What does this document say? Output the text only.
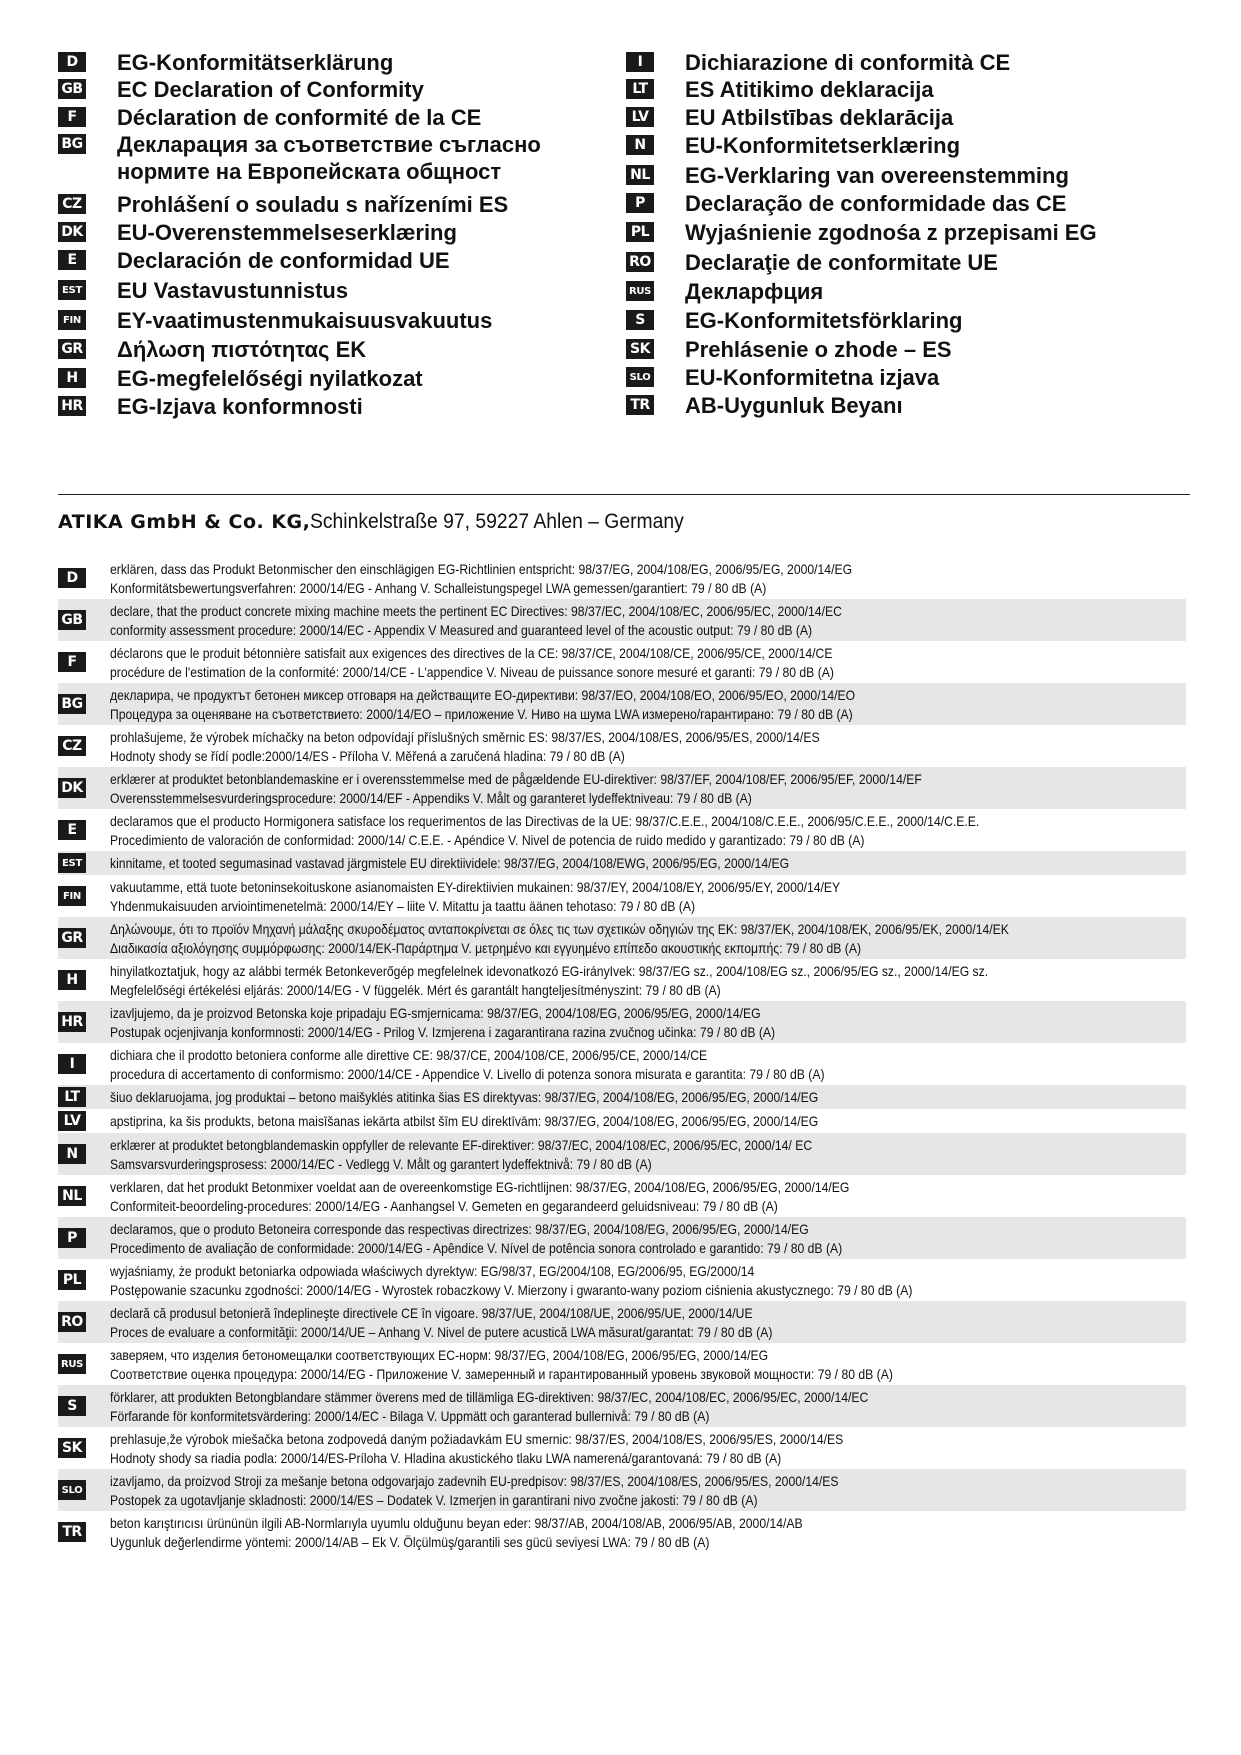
D	EG-Konformitätserklärung
GB EC Declaration of Conformity
F	Déclaration de conformité de la CE
BG Декларация за съответствие съгласно нормите на Европейската общност
CZ Prohlášení o souladu s nařízeními ES
DK EU-Overenstemmelseserklæring
E	Declaración de conformidad UE
EST EU Vastavustunnistus
FIN EY-vaatimustenmukaisuusvakuutus
GR Δήλωση πιστότητας ΕΚ
H	EG-megfelelőségi nyilatkozat
HR EG-Izjava konformnosti
I	Dichiarazione di conformità CE
LT ES Atitikimo deklaracija
LV EU Atbilstības deklarācija
N	EU-Konformitetserklæring
NL EG-Verklaring van overeenstemming
P	Declaração de conformidade das CE
PL Wyjaśnienie zgodnośa z przepisami EG
RO Declaraţie de conformitate UE
RUS Деклaрфция
S	EG-Konformitetsförklaring
SK Prehlásenie o zhode – ES
SLO EU-Konformitetna izjava
TR AB-Uygunluk Beyanı
ATIKA GmbH & Co. KG,Schinkelstraße 97, 59227 Ahlen – Germany
D
erklären, dass das Produkt Betonmischer den einschlägigen EG-Richtlinien entspricht: 98/37/EG, 2004/108/EG, 2006/95/EG, 2000/14/EG
Konformitätsbewertungsverfahren: 2000/14/EG - Anhang V. Schalleistungspegel LWA gemessen/garantiert: 79 / 80 dB (A)
GB
declare, that the product concrete mixing machine meets the pertinent EC Directives: 98/37/EC, 2004/108/EC, 2006/95/EC, 2000/14/EC
conformity assessment procedure: 2000/14/EC - Appendix V Measured and guaranteed level of the acoustic output: 79 / 80 dB (A)
F
déclarons que le produit bétonnière satisfait aux exigences des directives de la CE: 98/37/CE, 2004/108/CE, 2006/95/CE, 2000/14/CE
procédure de l'estimation de la conformité: 2000/14/CE - L'appendice V. Niveau de puissance sonore mesuré et garanti: 79 / 80 dB (A)
BG
декларира, че продуктът бетонен миксер отговаря на действащите ЕО-директиви: 98/37/ЕО, 2004/108/ЕО, 2006/95/ЕО, 2000/14/ЕО
Процедура за оценяване на съответствието: 2000/14/ЕО – приложение V. Ниво на шума LWA измерено/гарантирано: 79 / 80 dB (A)
CZ
prohlašujeme, že výrobek míchačky na beton odpovídají příslušných směrnic ES: 98/37/ES, 2004/108/ES, 2006/95/ES, 2000/14/ES
Hodnoty shody se řídí podle:2000/14/ES - Příloha V. Měřená a zaručená hladina: 79 / 80 dB (A)
DK
erklærer at produktet betonblandemaskine er i overensstemmelse med de pågældende EU-direktiver: 98/37/EF, 2004/108/EF, 2006/95/EF, 2000/14/EF
Overensstemmelsesvurderingsprocedure: 2000/14/EF - Appendiks V. Målt og garanteret lydeffektniveau: 79 / 80 dB (A)
E
declaramos que el producto Hormigonera satisface los requerimentos de las Directivas de la UE: 98/37/C.E.E., 2004/108/C.E.E., 2006/95/C.E.E., 2000/14/C.E.E.
Procedimiento de valoración de conformidad: 2000/14/ C.E.E. - Apéndice V. Nivel de potencia de ruido medido y garantizado: 79 / 80 dB (A)
EST kinnitame, et tooted segumasinad vastavad järgmistele EU direktiividele: 98/37/EG, 2004/108/EWG, 2006/95/EG, 2000/14/EG
FIN
vakuutamme, että tuote betoninsekoituskone asianomaisten EY-direktiivien mukainen: 98/37/EY, 2004/108/EY, 2006/95/EY, 2000/14/EY
Yhdenmukaisuuden arviointimenetelmä: 2000/14/EY – liite V. Mitattu ja taattu äänen tehotaso: 79 / 80 dB (A)
GR
Δηλώνουμε, ότι το προϊόν Μηχανή μάλαξης σκυροδέματος ανταποκρίνεται σε όλες τις των σχετικών οδηγιών της ΕΚ: 98/37/ΕΚ, 2004/108/ΕΚ, 2006/95/ΕΚ, 2000/14/ΕΚ
Διαδικασία αξιολόγησης συμμόρφωσης: 2000/14/ΕΚ-Παράρτημα V. μετρημένο και εγγυημένο επίπεδο ακουστικής εκπομπής: 79 / 80 dB (A)
H
hinyilatkoztatjuk, hogy az alábbi termék Betonkeverőgép megfelelnek idevonatkozó EG-irányIvek: 98/37/EG sz., 2004/108/EG sz., 2006/95/EG sz., 2000/14/EG sz.
Megfelelőségi értékelési eljárás: 2000/14/EG - V függelék. Mért és garantált hangteljesítményszint: 79 / 80 dB (A)
HR
izavljujemo, da je proizvod Betonska koje pripadaju EG-smjernicama: 98/37/EG, 2004/108/EG, 2006/95/EG, 2000/14/EG
Postupak ocjenjivanja konformnosti: 2000/14/EG - Prilog V. Izmjerena i zagarantirana razina zvučnog učinka: 79 / 80 dB (A)
I
dichiara che il prodotto betoniera conforme alle direttive CE: 98/37/CE, 2004/108/CE, 2006/95/CE, 2000/14/CE
procedura di accertamento di conformismo: 2000/14/CE - Appendice V. Livello di potenza sonora misurata e garantita: 79 / 80 dB (A)
LT	šiuo deklaruojama, jog produktai – betono maišyklės atitinka šias ES direktyvas: 98/37/EG, 2004/108/EG, 2006/95/EG, 2000/14/EG
LV	apstiprina, ka šis produkts, betona maisīšanas iekārta atbilst šīm EU direktīvām: 98/37/EG, 2004/108/EG, 2006/95/EG, 2000/14/EG
N
erklærer at produktet betongblandemaskin oppfyller de relevante EF-direktiver: 98/37/EC, 2004/108/EC, 2006/95/EC, 2000/14/ EC
Samsvarsvurderingsprosess: 2000/14/EC - Vedlegg V. Målt og garantert lydeffektnivå: 79 / 80 dB (A)
NL
verklaren, dat het produkt Betonmixer voeldat aan de overeenkomstige EG-richtlijnen: 98/37/EG, 2004/108/EG, 2006/95/EG, 2000/14/EG
Conformiteit-beoordeling-procedures: 2000/14/EG - Aanhangsel V. Gemeten en gegarandeerd geluidsniveau: 79 / 80 dB (A)
P
declaramos, que o produto Betoneira corresponde das respectivas directrizes: 98/37/EG, 2004/108/EG, 2006/95/EG, 2000/14/EG
Procedimento de avaliação de conformidade: 2000/14/EG - Apêndice V. Nível de potência sonora controlado e garantido: 79 / 80 dB (A)
PL
wyjaśniamy, że produkt betoniarka odpowiada właściwych dyrektyw: EG/98/37, EG/2004/108, EG/2006/95, EG/2000/14
Postępowanie szacunku zgodności: 2000/14/EG - Wyrostek robaczkowy V. Mierzony i gwaranto-wany poziom ciśnienia akustycznego: 79 / 80 dB (A)
RO
declară că produsul betonieră îndeplineşte directivele CE în vigoare. 98/37/UE, 2004/108/UE, 2006/95/UE, 2000/14/UE
Proces de evaluare a conformităţii: 2000/14/UE – Anhang V. Nivel de putere acustică LWA măsurat/garantat: 79 / 80 dB (A)
RUS
заверяем, что изделия бетономещалки соответствующих ЕС-норм: 98/37/EG, 2004/108/EG, 2006/95/EG, 2000/14/EG
Соответствие оценка процедура: 2000/14/EG - Приложение V. замеренный и гарантированный уровень звуковой мощности: 79 / 80 dB (A)
S
förklarer, att produkten Betongblandare stämmer överens med de tillämliga EG-direktiven: 98/37/EC, 2004/108/EC, 2006/95/EC, 2000/14/EC
Förfarande för konformitetsvärdering: 2000/14/EC - Bilaga V. Uppmätt och garanterad bullernivå: 79 / 80 dB (A)
SK
prehlasuje,že výrobok miešačka betona zodpovedá daným požiadavkám EU smernic: 98/37/ES, 2004/108/ES, 2006/95/ES, 2000/14/ES
Hodnoty shody sa riadia podla: 2000/14/ES-Príloha V. Hladina akustického tlaku LWA namerená/garantovaná: 79 / 80 dB (A)
SLO
izavljamo, da proizvod Stroji za mešanje betona odgovarjajo zadevnih EU-predpisov: 98/37/ES, 2004/108/ES, 2006/95/ES, 2000/14/ES
Postopek za ugotavljanje skladnosti: 2000/14/ES – Dodatek V. Izmerjen in garantirani nivo zvočne jakosti: 79 / 80 dB (A)
TR
beton karıştırıcısı ürününün ilgili AB-Normlarıyla uyumlu olduğunu beyan eder: 98/37/AB, 2004/108/AB, 2006/95/AB, 2000/14/AB
Uygunluk değerlendirme yöntemi: 2000/14/AB – Ek V. Ölçülmüş/garantili ses gücü seviyesi LWA: 79 / 80 dB (A)
